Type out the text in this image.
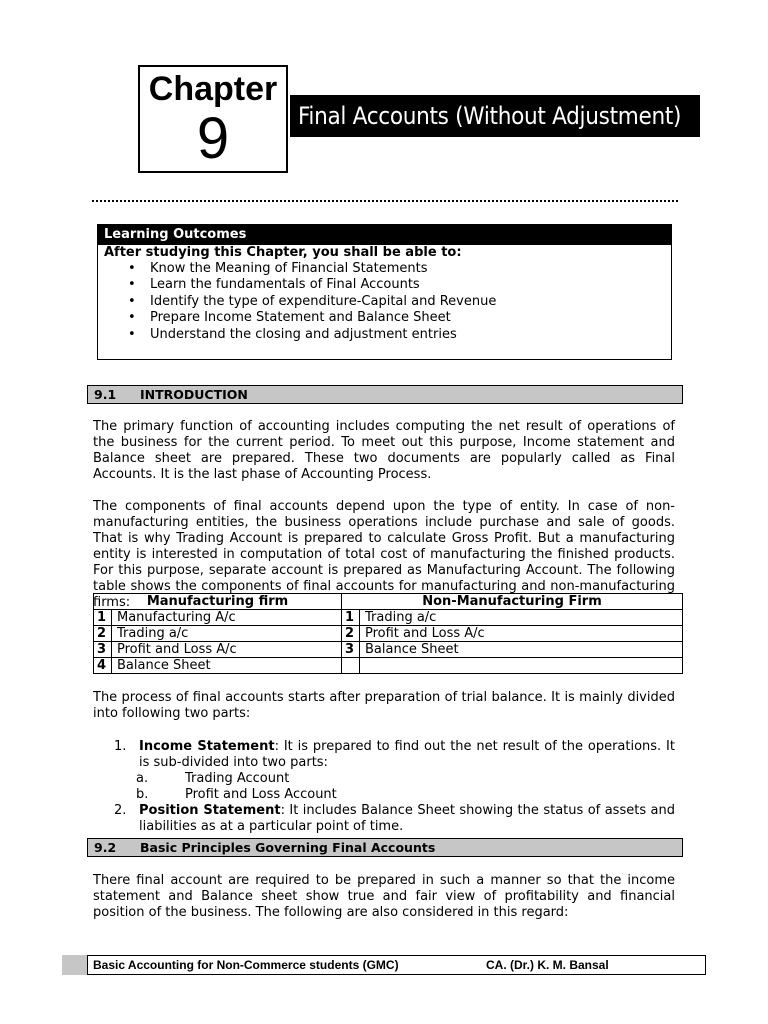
Chapter
9	Final Accounts (Without Adjustment)
Learning Outcomes
After studying this Chapter, you shall be able to:
• Know the Meaning of Financial Statements
• Learn the fundamentals of Final Accounts
• Identify the type of expenditure-Capital and Revenue
• Prepare Income Statement and Balance Sheet
• Understand the closing and adjustment entries
9.1 INTRODUCTION
The primary function of accounting includes computing the net result of operations of the business for the current period. To meet out this purpose, Income statement and Balance sheet are prepared. These two documents are popularly called as Final Accounts. It is the last phase of Accounting Process.
The components of final accounts depend upon the type of entity. In case of non-manufacturing entities, the business operations include purchase and sale of goods. That is why Trading Account is prepared to calculate Gross Profit. But a manufacturing entity is interested in computation of total cost of manufacturing the finished products. For this purpose, separate account is prepared as Manufacturing Account. The following table shows the components of final accounts for manufacturing and non-manufacturing firms:	Manufacturing firm		Non-Manufacturing Firm	
1	Manufacturing A/c	1	Trading a/c
2	Trading a/c	2	Profit and Loss A/c
3	Profit and Loss A/c	3	Balance Sheet
4	Balance Sheet		
The process of final accounts starts after preparation of trial balance. It is mainly divided into following two parts:
1. Income Statement: It is prepared to find out the net result of the operations. It is sub-divided into two parts:
a.	Trading Account
b.	Profit and Loss Account
2. Position Statement: It includes Balance Sheet showing the status of assets and liabilities as at a particular point of time.
9.2 Basic Principles Governing Final Accounts
There final account are required to be prepared in such a manner so that the income statement and Balance sheet show true and fair view of profitability and financial position of the business. The following are also considered in this regard:
Basic Accounting for Non-Commerce students (GMC)	CA. (Dr.) K. M. Bansal
